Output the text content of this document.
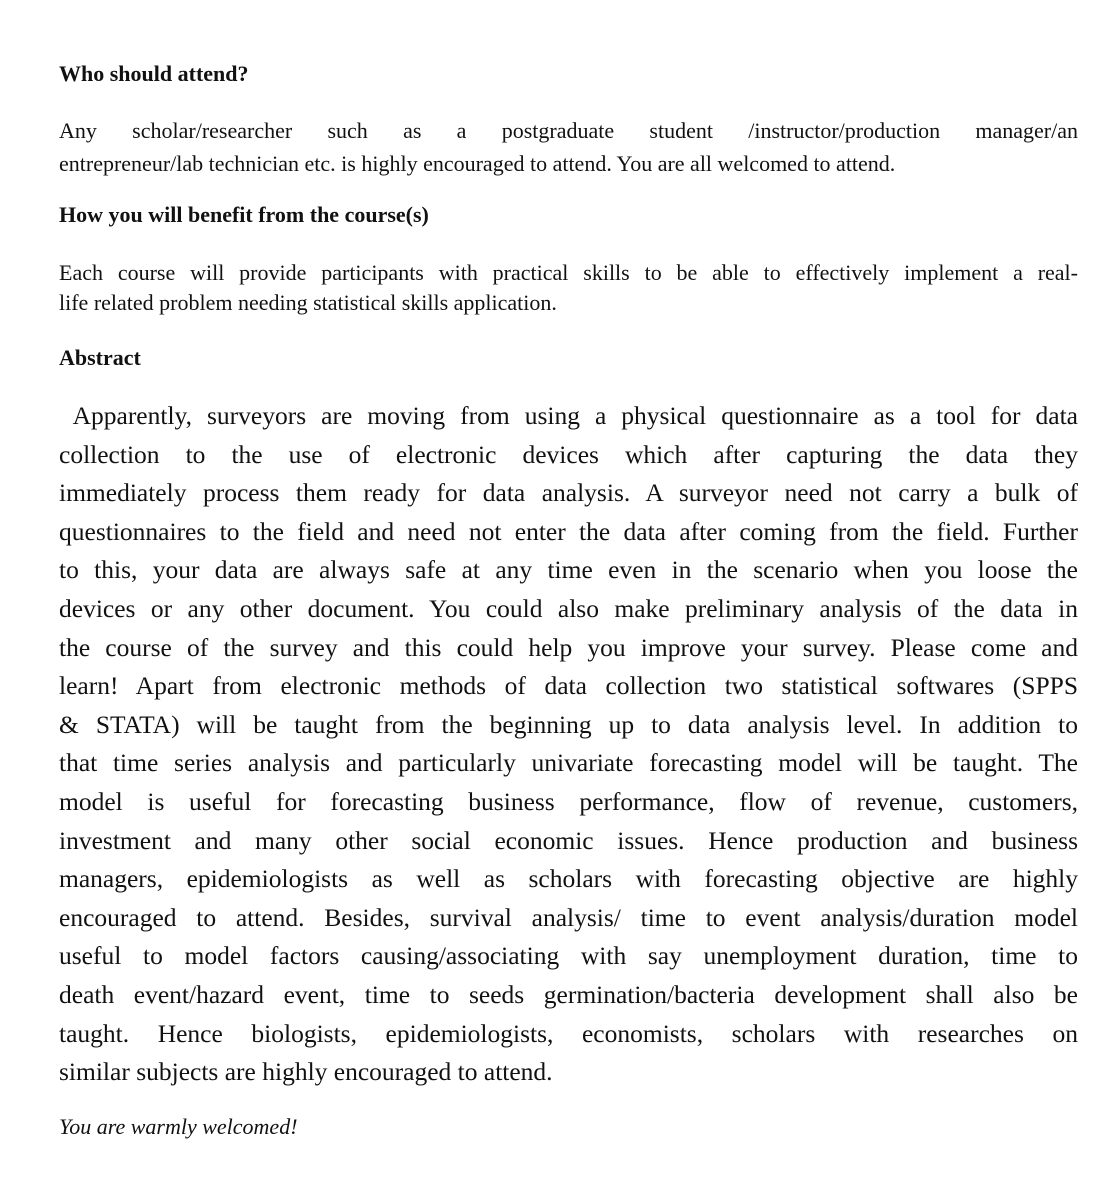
Who should attend?
Any scholar/researcher such as a postgraduate student /instructor/production manager/an
entrepreneur/lab technician etc. is highly encouraged to attend. You are all welcomed to attend.
How you will benefit from the course(s)
Each course will provide participants with practical skills to be able to effectively implement a real-
life related problem needing statistical skills application.
Abstract
Apparently, surveyors are moving from using a physical questionnaire as a tool for data
collection to the use of electronic devices which after capturing the data they
immediately process them ready for data analysis. A surveyor need not carry a bulk of
questionnaires to the field and need not enter the data after coming from the field. Further
to this, your data are always safe at any time even in the scenario when you loose the
devices or any other document. You could also make preliminary analysis of the data in
the course of the survey and this could help you improve your survey. Please come and
learn! Apart from electronic methods of data collection two statistical softwares (SPPS
& STATA) will be taught from the beginning up to data analysis level. In addition to
that time series analysis and particularly univariate forecasting model will be taught. The
model is useful for forecasting business performance, flow of revenue, customers,
investment and many other social economic issues. Hence production and business
managers, epidemiologists as well as scholars with forecasting objective are highly
encouraged to attend. Besides, survival analysis/ time to event analysis/duration model
useful to model factors causing/associating with say unemployment duration, time to
death event/hazard event, time to seeds germination/bacteria development shall also be
taught. Hence biologists, epidemiologists, economists, scholars with researches on
similar subjects are highly encouraged to attend.

You are warmly welcomed!
